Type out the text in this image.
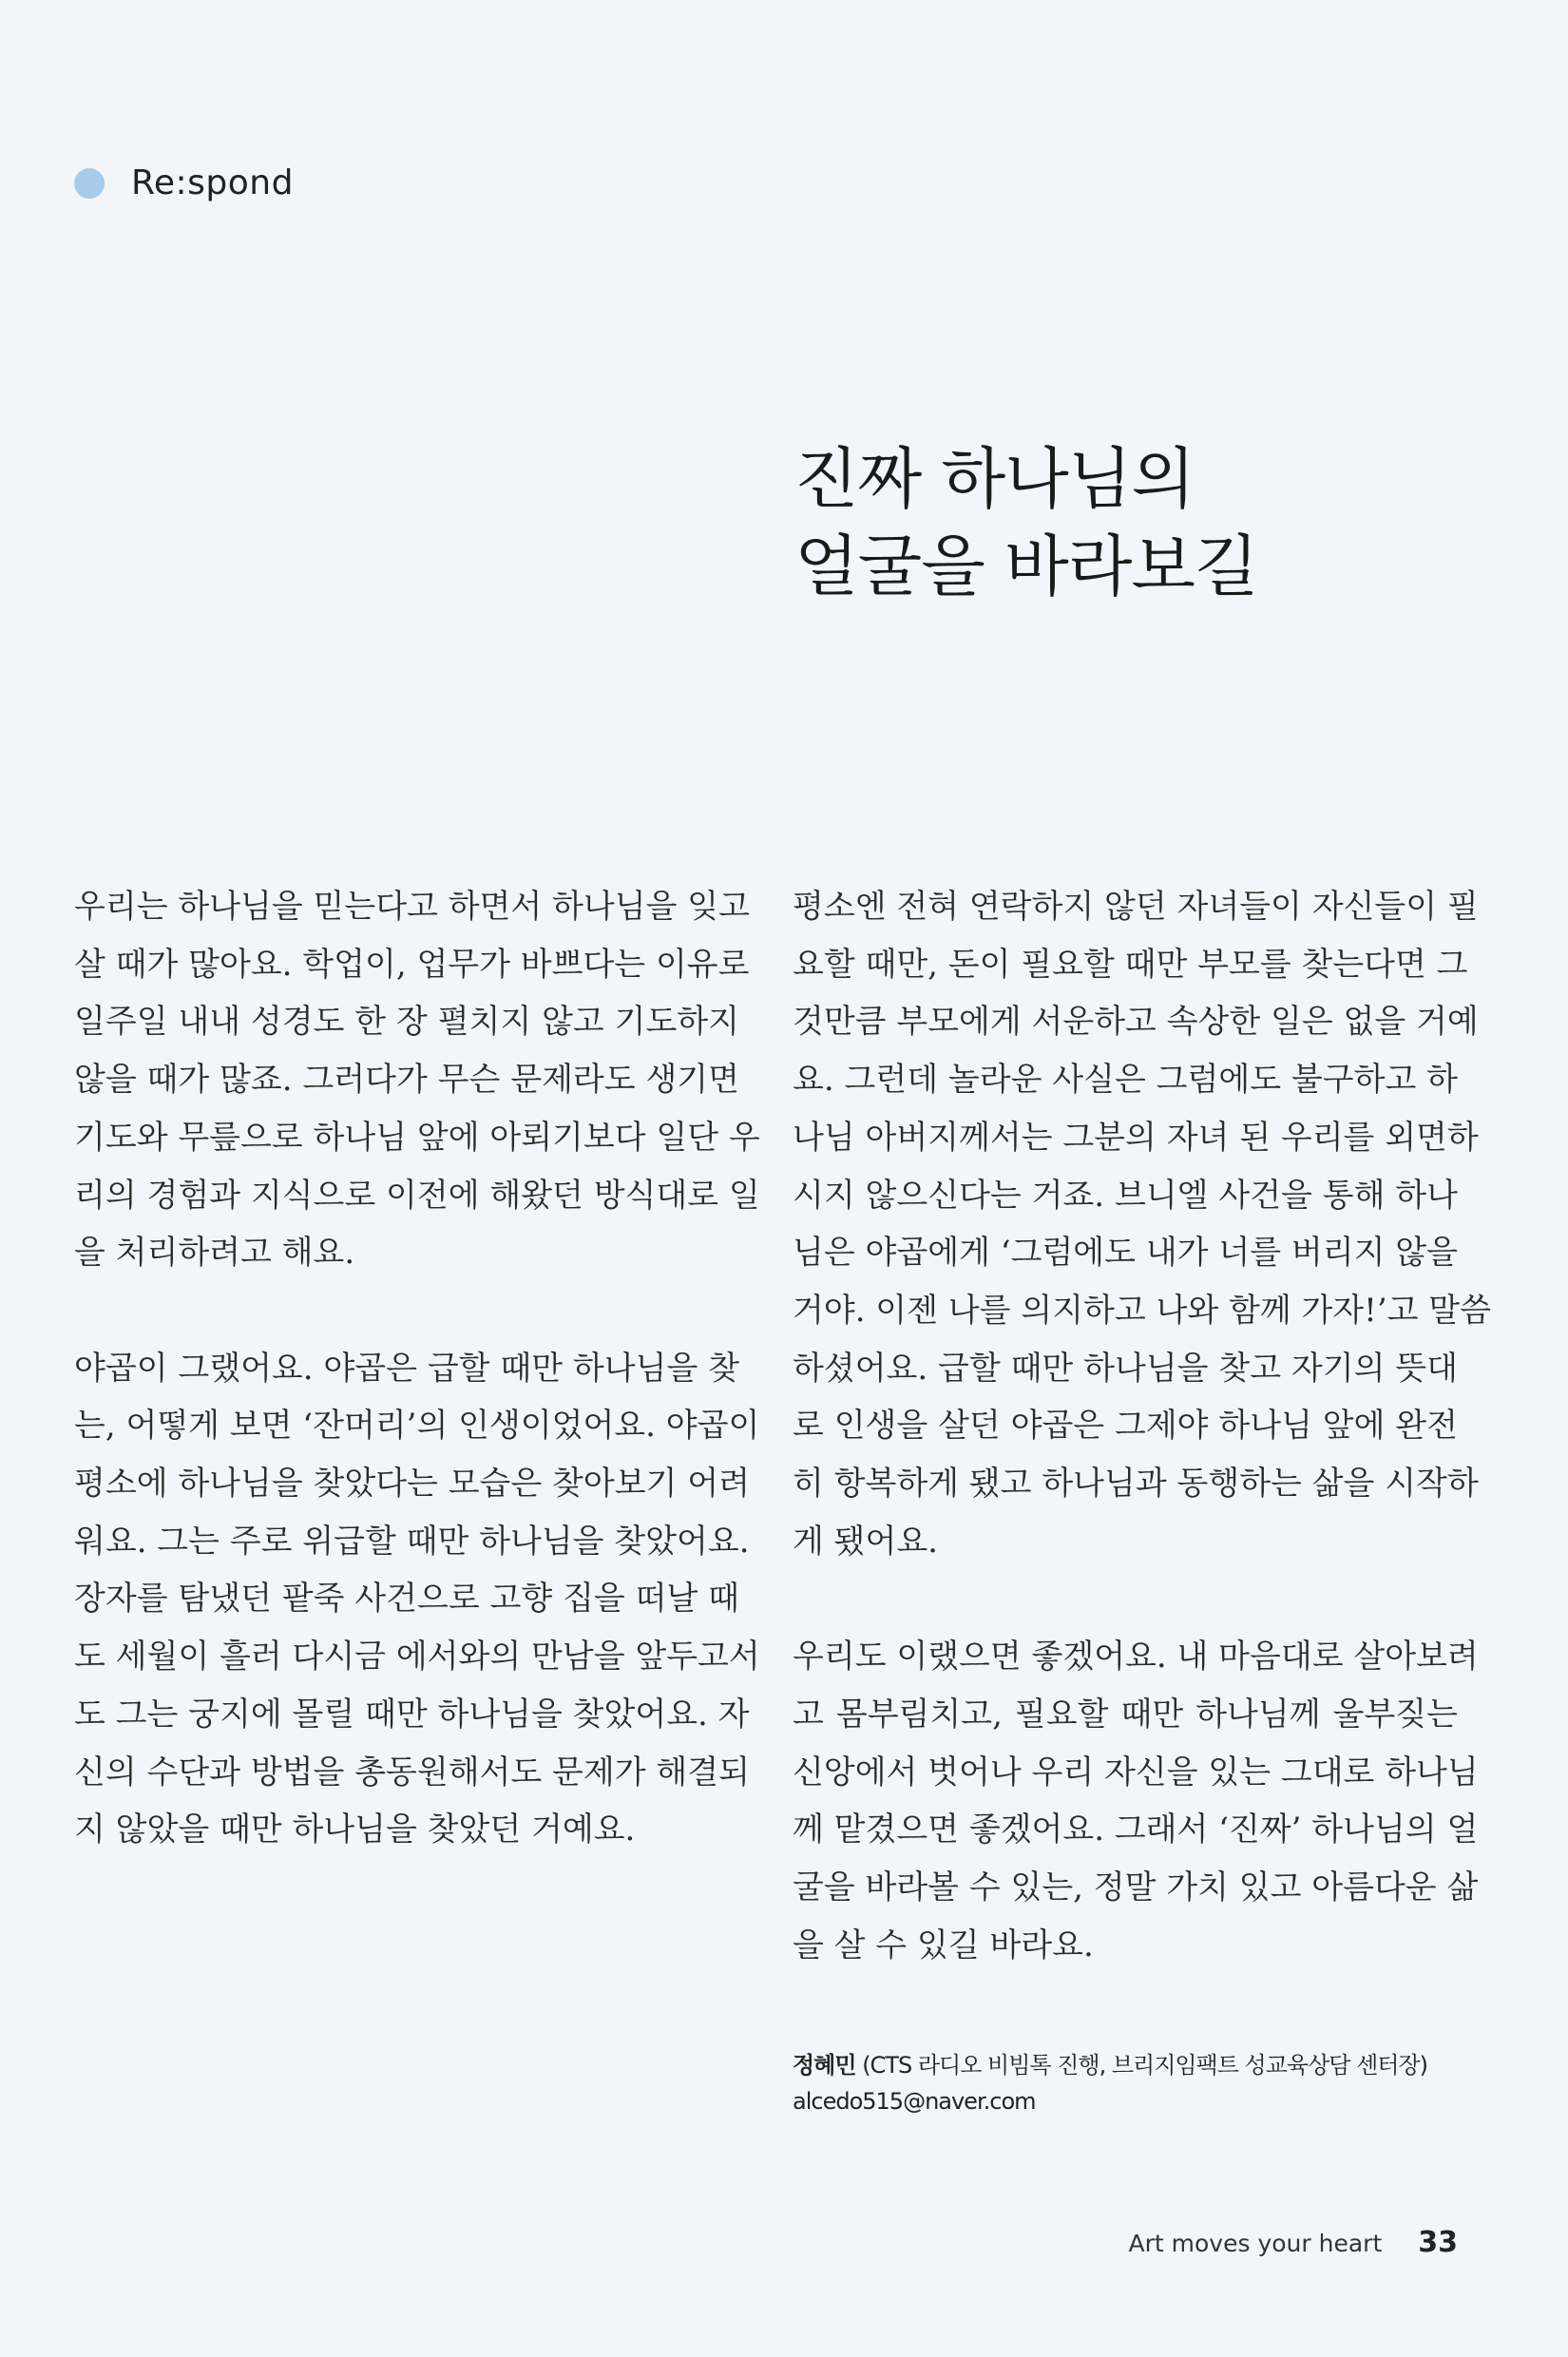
Re:spond
진짜 하나님의
얼굴을 바라보길

우리는 하나님을 믿는다고 하면서 하나님을 잊고
살 때가 많아요. 학업이, 업무가 바쁘다는 이유로
일주일 내내 성경도 한 장 펼치지 않고 기도하지
않을 때가 많죠. 그러다가 무슨 문제라도 생기면
기도와 무릎으로 하나님 앞에 아뢰기보다 일단 우
리의 경험과 지식으로 이전에 해왔던 방식대로 일
을 처리하려고 해요.

야곱이 그랬어요. 야곱은 급할 때만 하나님을 찾
는, 어떻게 보면 ‘잔머리’의 인생이었어요. 야곱이
평소에 하나님을 찾았다는 모습은 찾아보기 어려
워요. 그는 주로 위급할 때만 하나님을 찾았어요.
장자를 탐냈던 팥죽 사건으로 고향 집을 떠날 때
도 세월이 흘러 다시금 에서와의 만남을 앞두고서
도 그는 궁지에 몰릴 때만 하나님을 찾았어요. 자
신의 수단과 방법을 총동원해서도 문제가 해결되
지 않았을 때만 하나님을 찾았던 거예요.

평소엔 전혀 연락하지 않던 자녀들이 자신들이 필
요할 때만, 돈이 필요할 때만 부모를 찾는다면 그
것만큼 부모에게 서운하고 속상한 일은 없을 거예
요. 그런데 놀라운 사실은 그럼에도 불구하고 하
나님 아버지께서는 그분의 자녀 된 우리를 외면하
시지 않으신다는 거죠. 브니엘 사건을 통해 하나
님은 야곱에게 ‘그럼에도 내가 너를 버리지 않을
거야. 이젠 나를 의지하고 나와 함께 가자!’고 말씀
하셨어요. 급할 때만 하나님을 찾고 자기의 뜻대
로 인생을 살던 야곱은 그제야 하나님 앞에 완전
히 항복하게 됐고 하나님과 동행하는 삶을 시작하
게 됐어요.

우리도 이랬으면 좋겠어요. 내 마음대로 살아보려
고 몸부림치고, 필요할 때만 하나님께 울부짖는
신앙에서 벗어나 우리 자신을 있는 그대로 하나님
께 맡겼으면 좋겠어요. 그래서 ‘진짜’ 하나님의 얼
굴을 바라볼 수 있는, 정말 가치 있고 아름다운 삶
을 살 수 있길 바라요.

정혜민 (CTS 라디오 비빔톡 진행, 브리지임팩트 성교육상담 센터장)
alcedo515@naver.com
Art moves your heart 33
